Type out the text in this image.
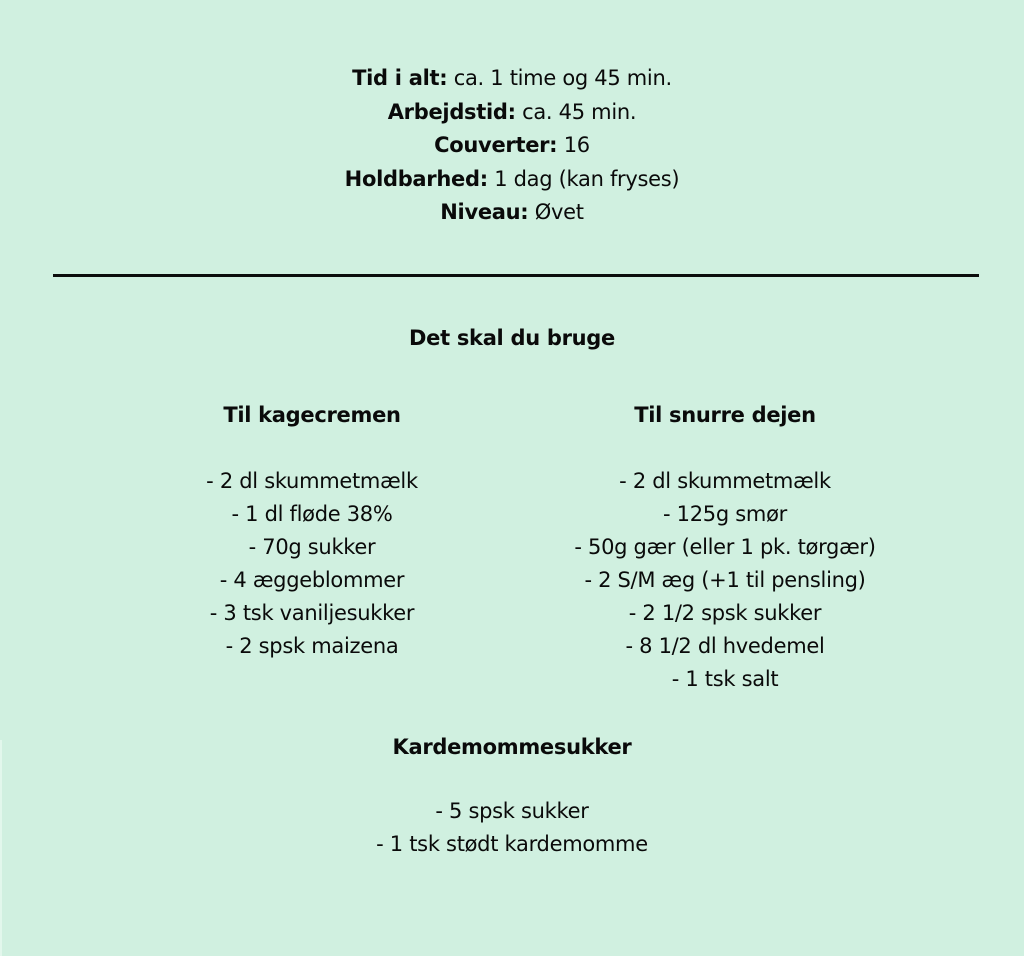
Tid i alt: ca. 1 time og 45 min.
Arbejdstid: ca. 45 min.
Couverter: 16
Holdbarhed: 1 dag (kan fryses)
Niveau: Øvet
Det skal du bruge
Til kagecremen
- 2 dl skummetmælk
- 1 dl fløde 38%
- 70g sukker
- 4 æggeblommer
- 3 tsk vaniljesukker
- 2 spsk maizena
Til snurre dejen
- 2 dl skummetmælk
- 125g smør
- 50g gær (eller 1 pk. tørgær)
- 2 S/M æg (+1 til pensling)
- 2 1/2 spsk sukker
- 8 1/2 dl hvedemel
- 1 tsk salt
Kardemommesukker
- 5 spsk sukker
- 1 tsk stødt kardemomme
